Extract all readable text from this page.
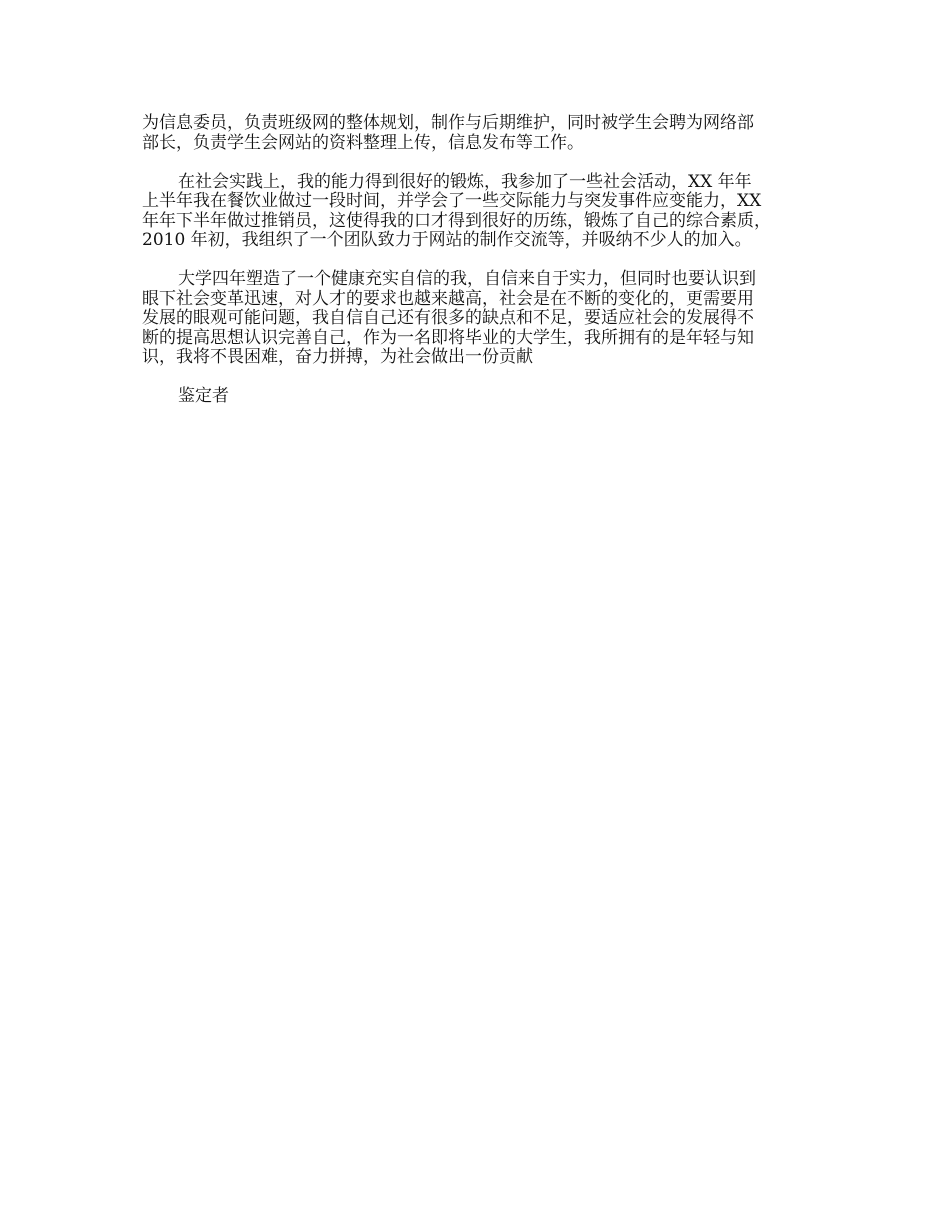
为信息委员，负责班级网的整体规划，制作与后期维护，同时被学生会聘为网络部
部长，负责学生会网站的资料整理上传，信息发布等工作。

在社会实践上，我的能力得到很好的锻炼，我参加了一些社会活动，XX 年年
上半年我在餐饮业做过一段时间，并学会了一些交际能力与突发事件应变能力，XX
年年下半年做过推销员，这使得我的口才得到很好的历练，锻炼了自己的综合素质，
2010 年初，我组织了一个团队致力于网站的制作交流等，并吸纳不少人的加入。

大学四年塑造了一个健康充实自信的我，自信来自于实力，但同时也要认识到
眼下社会变革迅速，对人才的要求也越来越高，社会是在不断的变化的，更需要用
发展的眼观可能问题，我自信自己还有很多的缺点和不足，要适应社会的发展得不
断的提高思想认识完善自己，作为一名即将毕业的大学生，我所拥有的是年轻与知
识，我将不畏困难，奋力拼搏，为社会做出一份贡献

鉴定者
